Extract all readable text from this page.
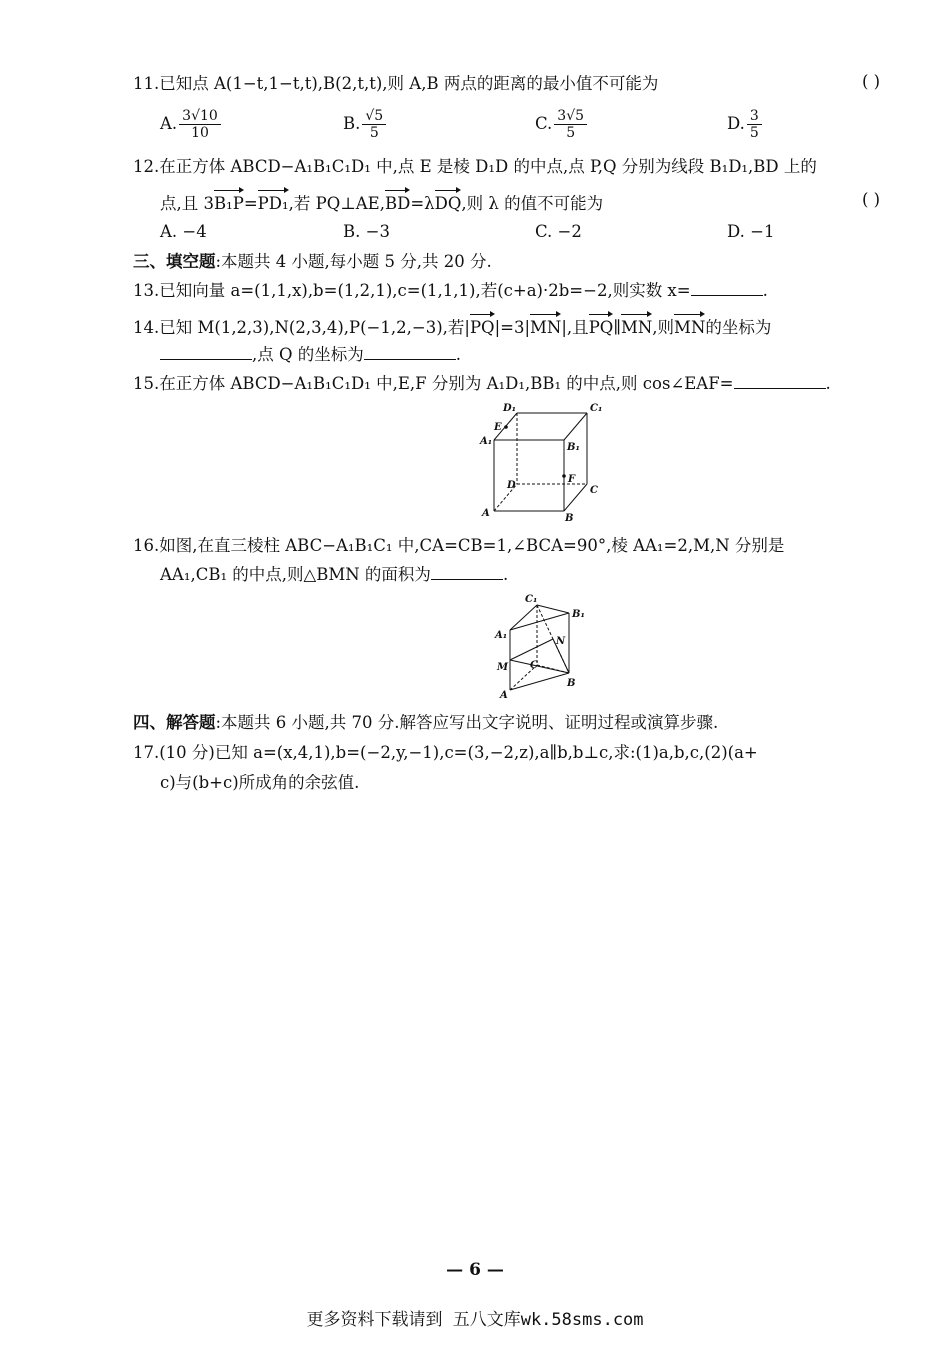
11.已知点 A(1−t,1−t,t),B(2,t,t),则 A,B 两点的距离的最小值不可能为	( )
A. $\frac{3√10}{10}$	B. $\frac{√5}{5}$	C. $\frac{3√5}{5}$	D. $\frac{3}{5}$
12.在正方体 ABCD−A₁B₁C₁D₁ 中,点 E 是棱 D₁D 的中点,点 P,Q 分别为线段 B₁D₁,BD 上的
点,且 3B₁P=PD₁,若 PQ⊥AE,BD=λDQ,则 λ 的值不可能为	( )
A. −4	B. −3	C. −2	D. −1
三、填空题:本题共 4 小题,每小题 5 分,共 20 分.
13.已知向量 a=(1,1,x),b=(1,2,1),c=(1,1,1),若(c+a)·2b=−2,则实数 x=	.
14.已知 M(1,2,3),N(2,3,4),P(−1,2,−3),若|PQ|=3|MN|,且PQ∥MN,则MN的坐标为
,点 Q 的坐标为	.
15.在正方体 ABCD−A₁B₁C₁D₁ 中,E,F 分别为 A₁D₁,BB₁ 的中点,则 cos∠EAF=	.
D₁	C₁
E
A₁
B₁
D
F
C
A	B
16.如图,在直三棱柱 ABC−A₁B₁C₁ 中,CA=CB=1,∠BCA=90°,棱 AA₁=2,M,N 分别是
AA₁,CB₁ 的中点,则△BMN 的面积为	.
C₁
B₁
A₁
N
M C
B
A
四、解答题:本题共 6 小题,共 70 分.解答应写出文字说明、证明过程或演算步骤.
17.(10 分)已知 a=(x,4,1),b=(−2,y,−1),c=(3,−2,z),a∥b,b⊥c,求:(1)a,b,c,(2)(a+
c)与(b+c)所成角的余弦值.
— 6 —
更多资料下载请到 五八文库wk.58sms.com
